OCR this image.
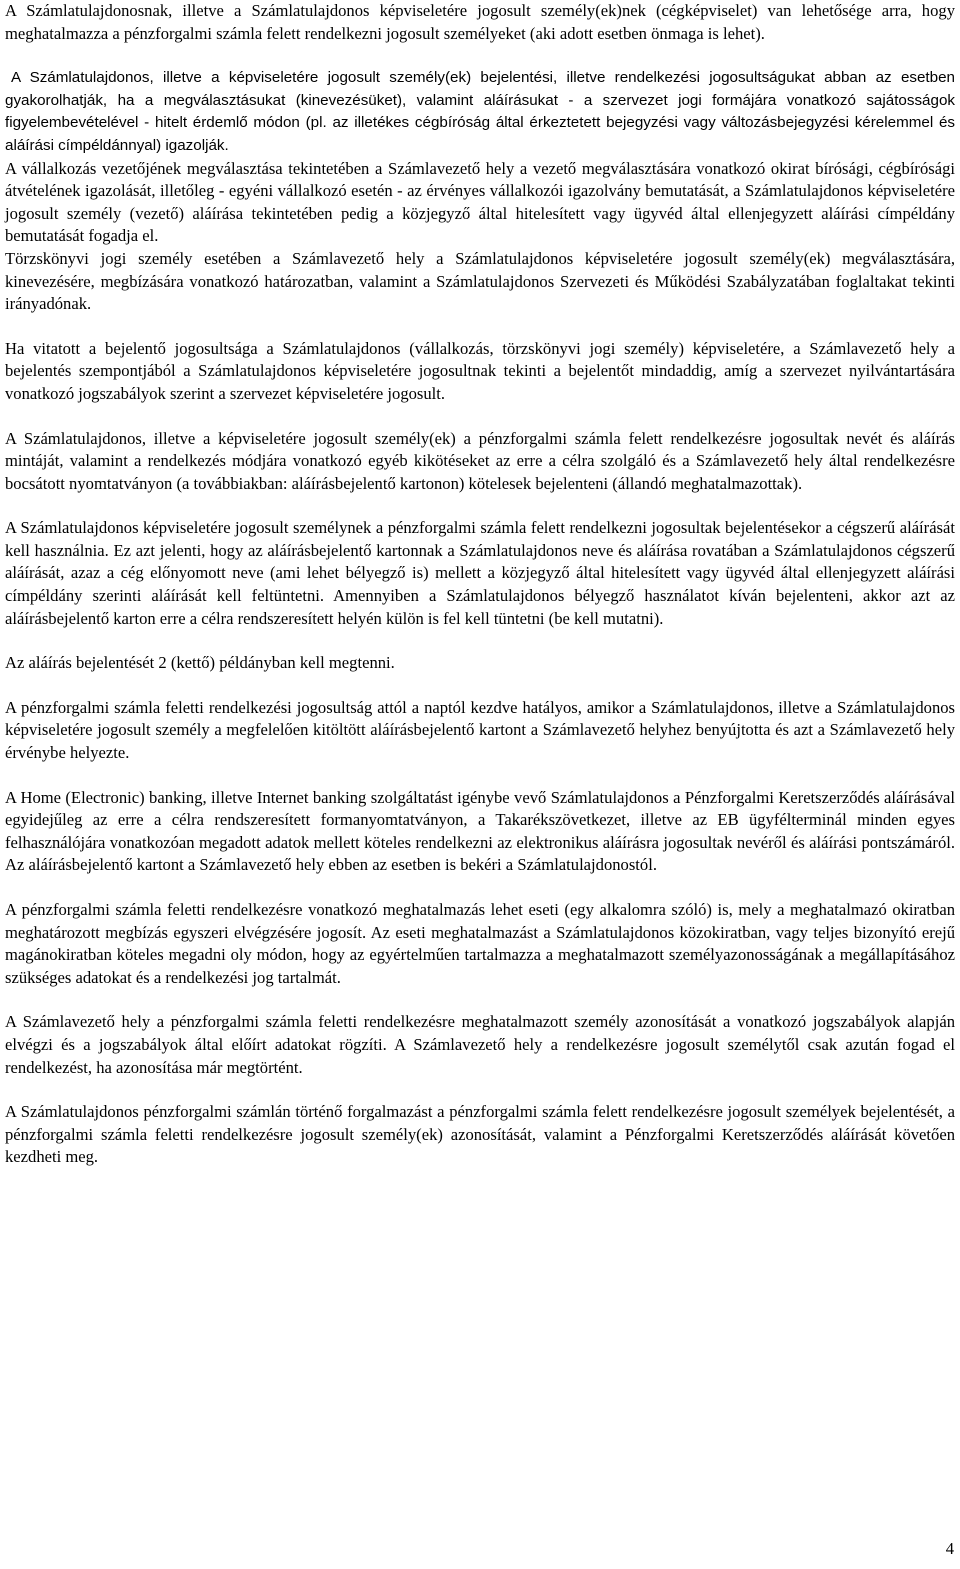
A Számlatulajdonosnak, illetve a Számlatulajdonos képviseletére jogosult személy(ek)nek (cégképviselet) van lehetősége arra, hogy meghatalmazza a pénzforgalmi számla felett rendelkezni jogosult személyeket (aki adott esetben önmaga is lehet).

A Számlatulajdonos, illetve a képviseletére jogosult személy(ek) bejelentési, illetve rendelkezési jogosultságukat abban az esetben gyakorolhatják, ha a megválasztásukat (kinevezésüket), valamint aláírásukat - a szervezet jogi formájára vonatkozó sajátosságok figyelembevételével - hitelt érdemlő módon (pl. az illetékes cégbíróság által érkeztetett bejegyzési vagy változásbejegyzési kérelemmel és aláírási címpéldánnyal) igazolják.

A vállalkozás vezetőjének megválasztása tekintetében a Számlavezető hely a vezető megválasztására vonatkozó okirat bírósági, cégbírósági átvételének igazolását, illetőleg - egyéni vállalkozó esetén - az érvényes vállalkozói igazolvány bemutatását, a Számlatulajdonos képviseletére jogosult személy (vezető) aláírása tekintetében pedig a közjegyző által hitelesített vagy ügyvéd által ellenjegyzett aláírási címpéldány bemutatását fogadja el.

Törzskönyvi jogi személy esetében a Számlavezető hely a Számlatulajdonos képviseletére jogosult személy(ek) megválasztására, kinevezésére, megbízására vonatkozó határozatban, valamint a Számlatulajdonos Szervezeti és Működési Szabályzatában foglaltakat tekinti irányadónak.

Ha vitatott a bejelentő jogosultsága a Számlatulajdonos (vállalkozás, törzskönyvi jogi személy) képviseletére, a Számlavezető hely a bejelentés szempontjából a Számlatulajdonos képviseletére jogosultnak tekinti a bejelentőt mindaddig, amíg a szervezet nyilvántartására vonatkozó jogszabályok szerint a szervezet képviseletére jogosult.

A Számlatulajdonos, illetve a képviseletére jogosult személy(ek) a pénzforgalmi számla felett rendelkezésre jogosultak nevét és aláírás mintáját, valamint a rendelkezés módjára vonatkozó egyéb kikötéseket az erre a célra szolgáló és a Számlavezető hely által rendelkezésre bocsátott nyomtatványon (a továbbiakban: aláírásbejelentő kartonon) kötelesek bejelenteni (állandó meghatalmazottak).

A Számlatulajdonos képviseletére jogosult személynek a pénzforgalmi számla felett rendelkezni jogosultak bejelentésekor a cégszerű aláírását kell használnia. Ez azt jelenti, hogy az aláírásbejelentő kartonnak a Számlatulajdonos neve és aláírása rovatában a Számlatulajdonos cégszerű aláírását, azaz a cég előnyomott neve (ami lehet bélyegző is) mellett a közjegyző által hitelesített vagy ügyvéd által ellenjegyzett aláírási címpéldány szerinti aláírását kell feltüntetni. Amennyiben a Számlatulajdonos bélyegző használatot kíván bejelenteni, akkor azt az aláírásbejelentő karton erre a célra rendszeresített helyén külön is fel kell tüntetni (be kell mutatni).

Az aláírás bejelentését 2 (kettő) példányban kell megtenni.

A pénzforgalmi számla feletti rendelkezési jogosultság attól a naptól kezdve hatályos, amikor a Számlatulajdonos, illetve a Számlatulajdonos képviseletére jogosult személy a megfelelően kitöltött aláírásbejelentő kartont a Számlavezető helyhez benyújtotta és azt a Számlavezető hely érvénybe helyezte.

A Home (Electronic) banking, illetve Internet banking szolgáltatást igénybe vevő Számlatulajdonos a Pénzforgalmi Keretszerződés aláírásával egyidejűleg az erre a célra rendszeresített formanyomtatványon, a Takarékszövetkezet, illetve az EB ügyfélterminál minden egyes felhasználójára vonatkozóan megadott adatok mellett köteles rendelkezni az elektronikus aláírásra jogosultak nevéről és aláírási pontszámáról. Az aláírásbejelentő kartont a Számlavezető hely ebben az esetben is bekéri a Számlatulajdonostól.

A pénzforgalmi számla feletti rendelkezésre vonatkozó meghatalmazás lehet eseti (egy alkalomra szóló) is, mely a meghatalmazó okiratban meghatározott megbízás egyszeri elvégzésére jogosít. Az eseti meghatalmazást a Számlatulajdonos közokiratban, vagy teljes bizonyító erejű magánokiratban köteles megadni oly módon, hogy az egyértelműen tartalmazza a meghatalmazott személyazonosságának a megállapításához szükséges adatokat és a rendelkezési jog tartalmát.

A Számlavezető hely a pénzforgalmi számla feletti rendelkezésre meghatalmazott személy azonosítását a vonatkozó jogszabályok alapján elvégzi és a jogszabályok által előírt adatokat rögzíti. A Számlavezető hely a rendelkezésre jogosult személytől csak azután fogad el rendelkezést, ha azonosítása már megtörtént.

A Számlatulajdonos pénzforgalmi számlán történő forgalmazást a pénzforgalmi számla felett rendelkezésre jogosult személyek bejelentését, a pénzforgalmi számla feletti rendelkezésre jogosult személy(ek) azonosítását, valamint a Pénzforgalmi Keretszerződés aláírását követően kezdheti meg.

4
